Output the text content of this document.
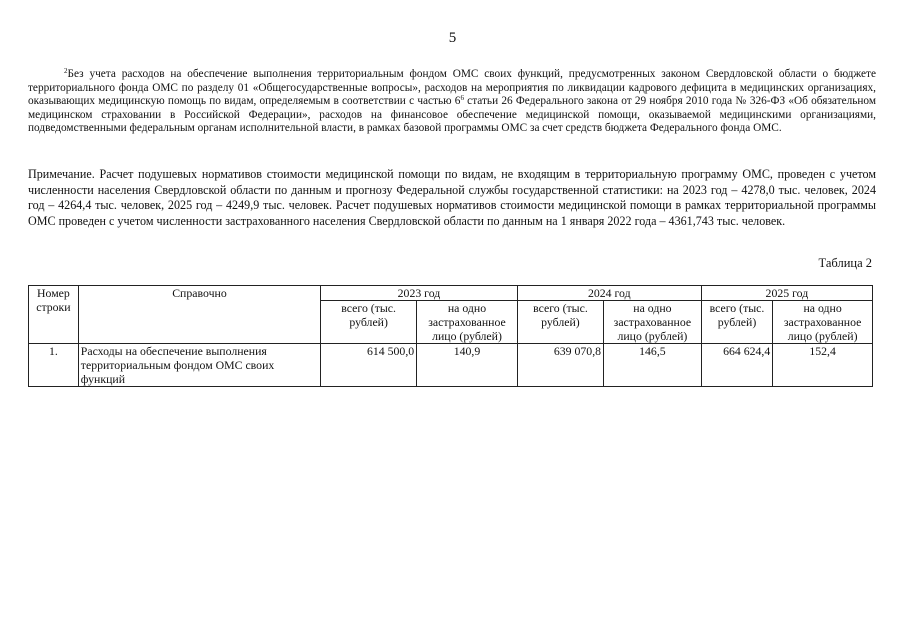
5
$^2$Без учета расходов на обеспечение выполнения территориальным фондом ОМС своих функций, предусмотренных законом Свердловской области о бюджете территориального фонда ОМС по разделу 01 «Общегосударственные вопросы», расходов на мероприятия по ликвидации кадрового дефицита в медицинских организациях, оказывающих медицинскую помощь по видам, определяемым в соответствии с частью $6^6$ статьи 26 Федерального закона от 29 ноября 2010 года № 326-ФЗ «Об обязательном медицинском страховании в Российской Федерации», расходов на финансовое обеспечение медицинской помощи, оказываемой медицинскими организациями, подведомственными федеральным органам исполнительной власти, в рамках базовой программы ОМС за счет средств бюджета Федерального фонда ОМС.
Примечание. Расчет подушевых нормативов стоимости медицинской помощи по видам, не входящим в территориальную программу ОМС, проведен с учетом численности населения Свердловской области по данным и прогнозу Федеральной службы государственной статистики: на 2023 год – 4278,0 тыс. человек, 2024 год – 4264,4 тыс. человек, 2025 год – 4249,9 тыс. человек. Расчет подушевых нормативов стоимости медицинской помощи в рамках территориальной программы ОМС проведен с учетом численности застрахованного населения Свердловской области по данным на 1 января 2022 года – 4361,743 тыс. человек.
Таблица 2
Номер строки	Справочно	2023 год		2024 год		2025 год	
		всего (тыс. рублей)	на одно застрахованное лицо (рублей)	всего (тыс. рублей)	на одно застрахованное лицо (рублей)	всего (тыс. рублей)	на одно застрахованное лицо (рублей)
1.	Расходы на обеспечение выполнения территориальным фондом ОМС своих функций	614 500,0	140,9	639 070,8	146,5	664 624,4	152,4
